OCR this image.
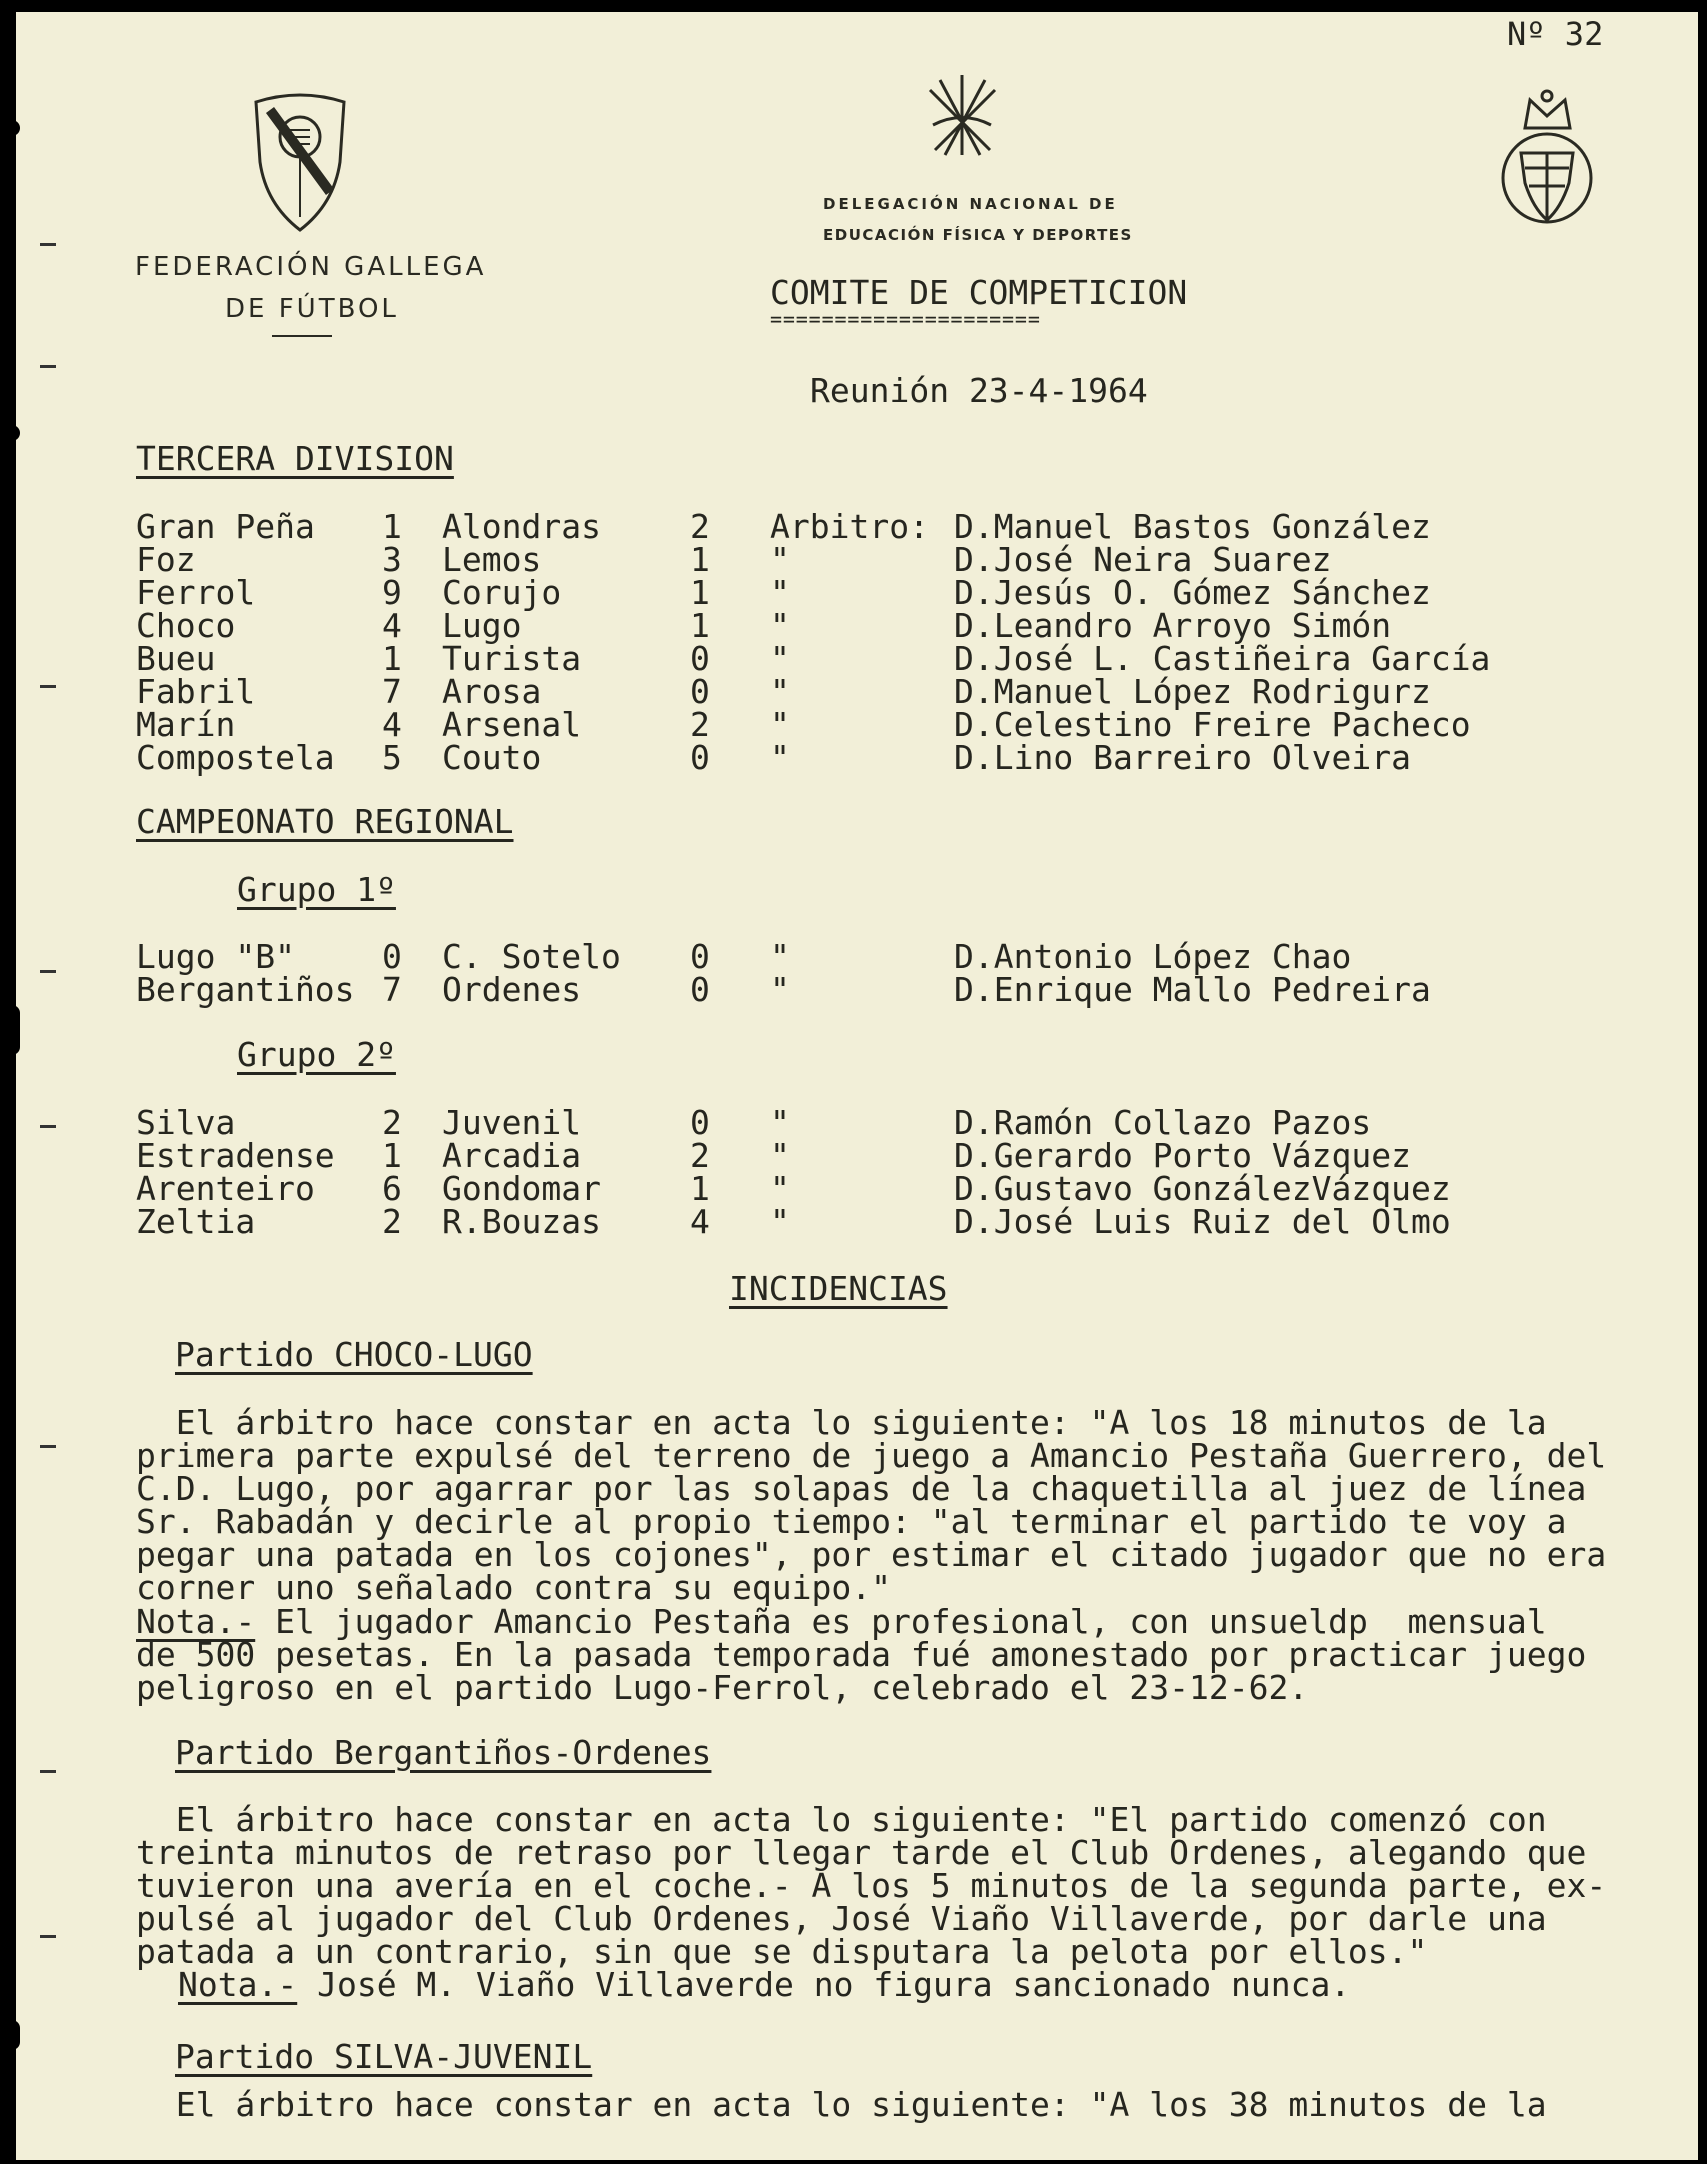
Nº 32
FEDERACIÓN GALLEGA
DE FÚTBOL
DELEGACIÓN NACIONAL DE
EDUCACIÓN FÍSICA Y DEPORTES
COMITE DE COMPETICION
=====================
Reunión 23-4-1964
TERCERA DIVISION
Gran Peña 1 Alondras	2 Arbitro: D.Manuel Bastos González
Foz	3 Lemos	1 "	D.José Neira Suarez
Ferrol	9 Corujo	1 "	D.Jesús O. Gómez Sánchez
Choco	4 Lugo	1 "	D.Leandro Arroyo Simón
Bueu	1 Turista	0 "	D.José L. Castiñeira García
Fabril	7 Arosa	0 "	D.Manuel López Rodrigurz
Marín	4 Arsenal	2 "	D.Celestino Freire Pacheco
Compostela 5 Couto	0 "	D.Lino Barreiro Olveira
CAMPEONATO REGIONAL
Grupo 1º
Lugo "B"	0 C. Sotelo 0 "	D.Antonio López Chao
Bergantiños 7 Ordenes	0 "	D.Enrique Mallo Pedreira
Grupo 2º
Silva	2 Juvenil	0 "	D.Ramón Collazo Pazos
Estradense 1 Arcadia	2 "	D.Gerardo Porto Vázquez
Arenteiro 6 Gondomar	1 "	D.Gustavo GonzálezVázquez
Zeltia	2 R.Bouzas	4 "	D.José Luis Ruiz del Olmo
INCIDENCIAS
Partido CHOCO-LUGO
El árbitro hace constar en acta lo siguiente: "A los 18 minutos de la
primera parte expulsé del terreno de juego a Amancio Pestaña Guerrero, del
C.D. Lugo, por agarrar por las solapas de la chaquetilla al juez de línea
Sr. Rabadán y decirle al propio tiempo: "al terminar el partido te voy a
pegar una patada en los cojones", por estimar el citado jugador que no era
corner uno señalado contra su equipo."
Nota.- El jugador Amancio Pestaña es profesional, con unsueldp  mensual
de 500 pesetas. En la pasada temporada fué amonestado por practicar juego
peligroso en el partido Lugo-Ferrol, celebrado el 23-12-62.
Partido Bergantiños-Ordenes
El árbitro hace constar en acta lo siguiente: "El partido comenzó con
treinta minutos de retraso por llegar tarde el Club Ordenes, alegando que
tuvieron una avería en el coche.- A los 5 minutos de la segunda parte, ex-
pulsé al jugador del Club Ordenes, José Viaño Villaverde, por darle una
patada a un contrario, sin que se disputara la pelota por ellos."
Nota.- José M. Viaño Villaverde no figura sancionado nunca.
Partido SILVA-JUVENIL
El árbitro hace constar en acta lo siguiente: "A los 38 minutos de la
